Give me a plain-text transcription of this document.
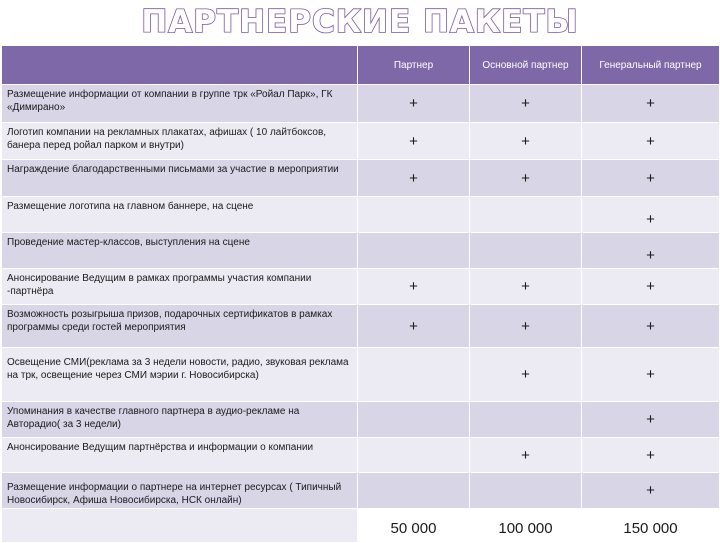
ПАРТНЕРСКИЕ ПАКЕТЫ
	Партнер	Основной партнер	Генеральный партнер
Размещение информации от компании в группе трк «Ройал Парк», ГК «Димирано»	+	+	+
Логотип компании на рекламных плакатах, афишах ( 10 лайтбоксов, банера перед ройал парком и внутри)	+	+	+
Награждение благодарственными письмами за участие в мероприятии	+	+	+
Размещение логотипа на главном баннере, на сцене			+
Проведение мастер-классов, выступления на сцене			+
Анонсирование Ведущим в рамках программы участия компании -партнёра	+	+	+
Возможность розыгрыша призов, подарочных сертификатов в рамках программы среди гостей мероприятия	+	+	+
Освещение СМИ(реклама за 3 недели новости, радио, звуковая реклама на трк, освещение через СМИ мэрии г. Новосибирска)		+	+
Упоминания в качестве главного партнера в аудио-рекламе на Авторадио( за 3 недели)			+
Анонсирование Ведущим партнёрства и информации о компании		+	+
Размещение информации о партнере на интернет ресурсах ( Типичный Новосибирск, Афиша Новосибирска, НСК онлайн)			+
	50 000	100 000	150 000
